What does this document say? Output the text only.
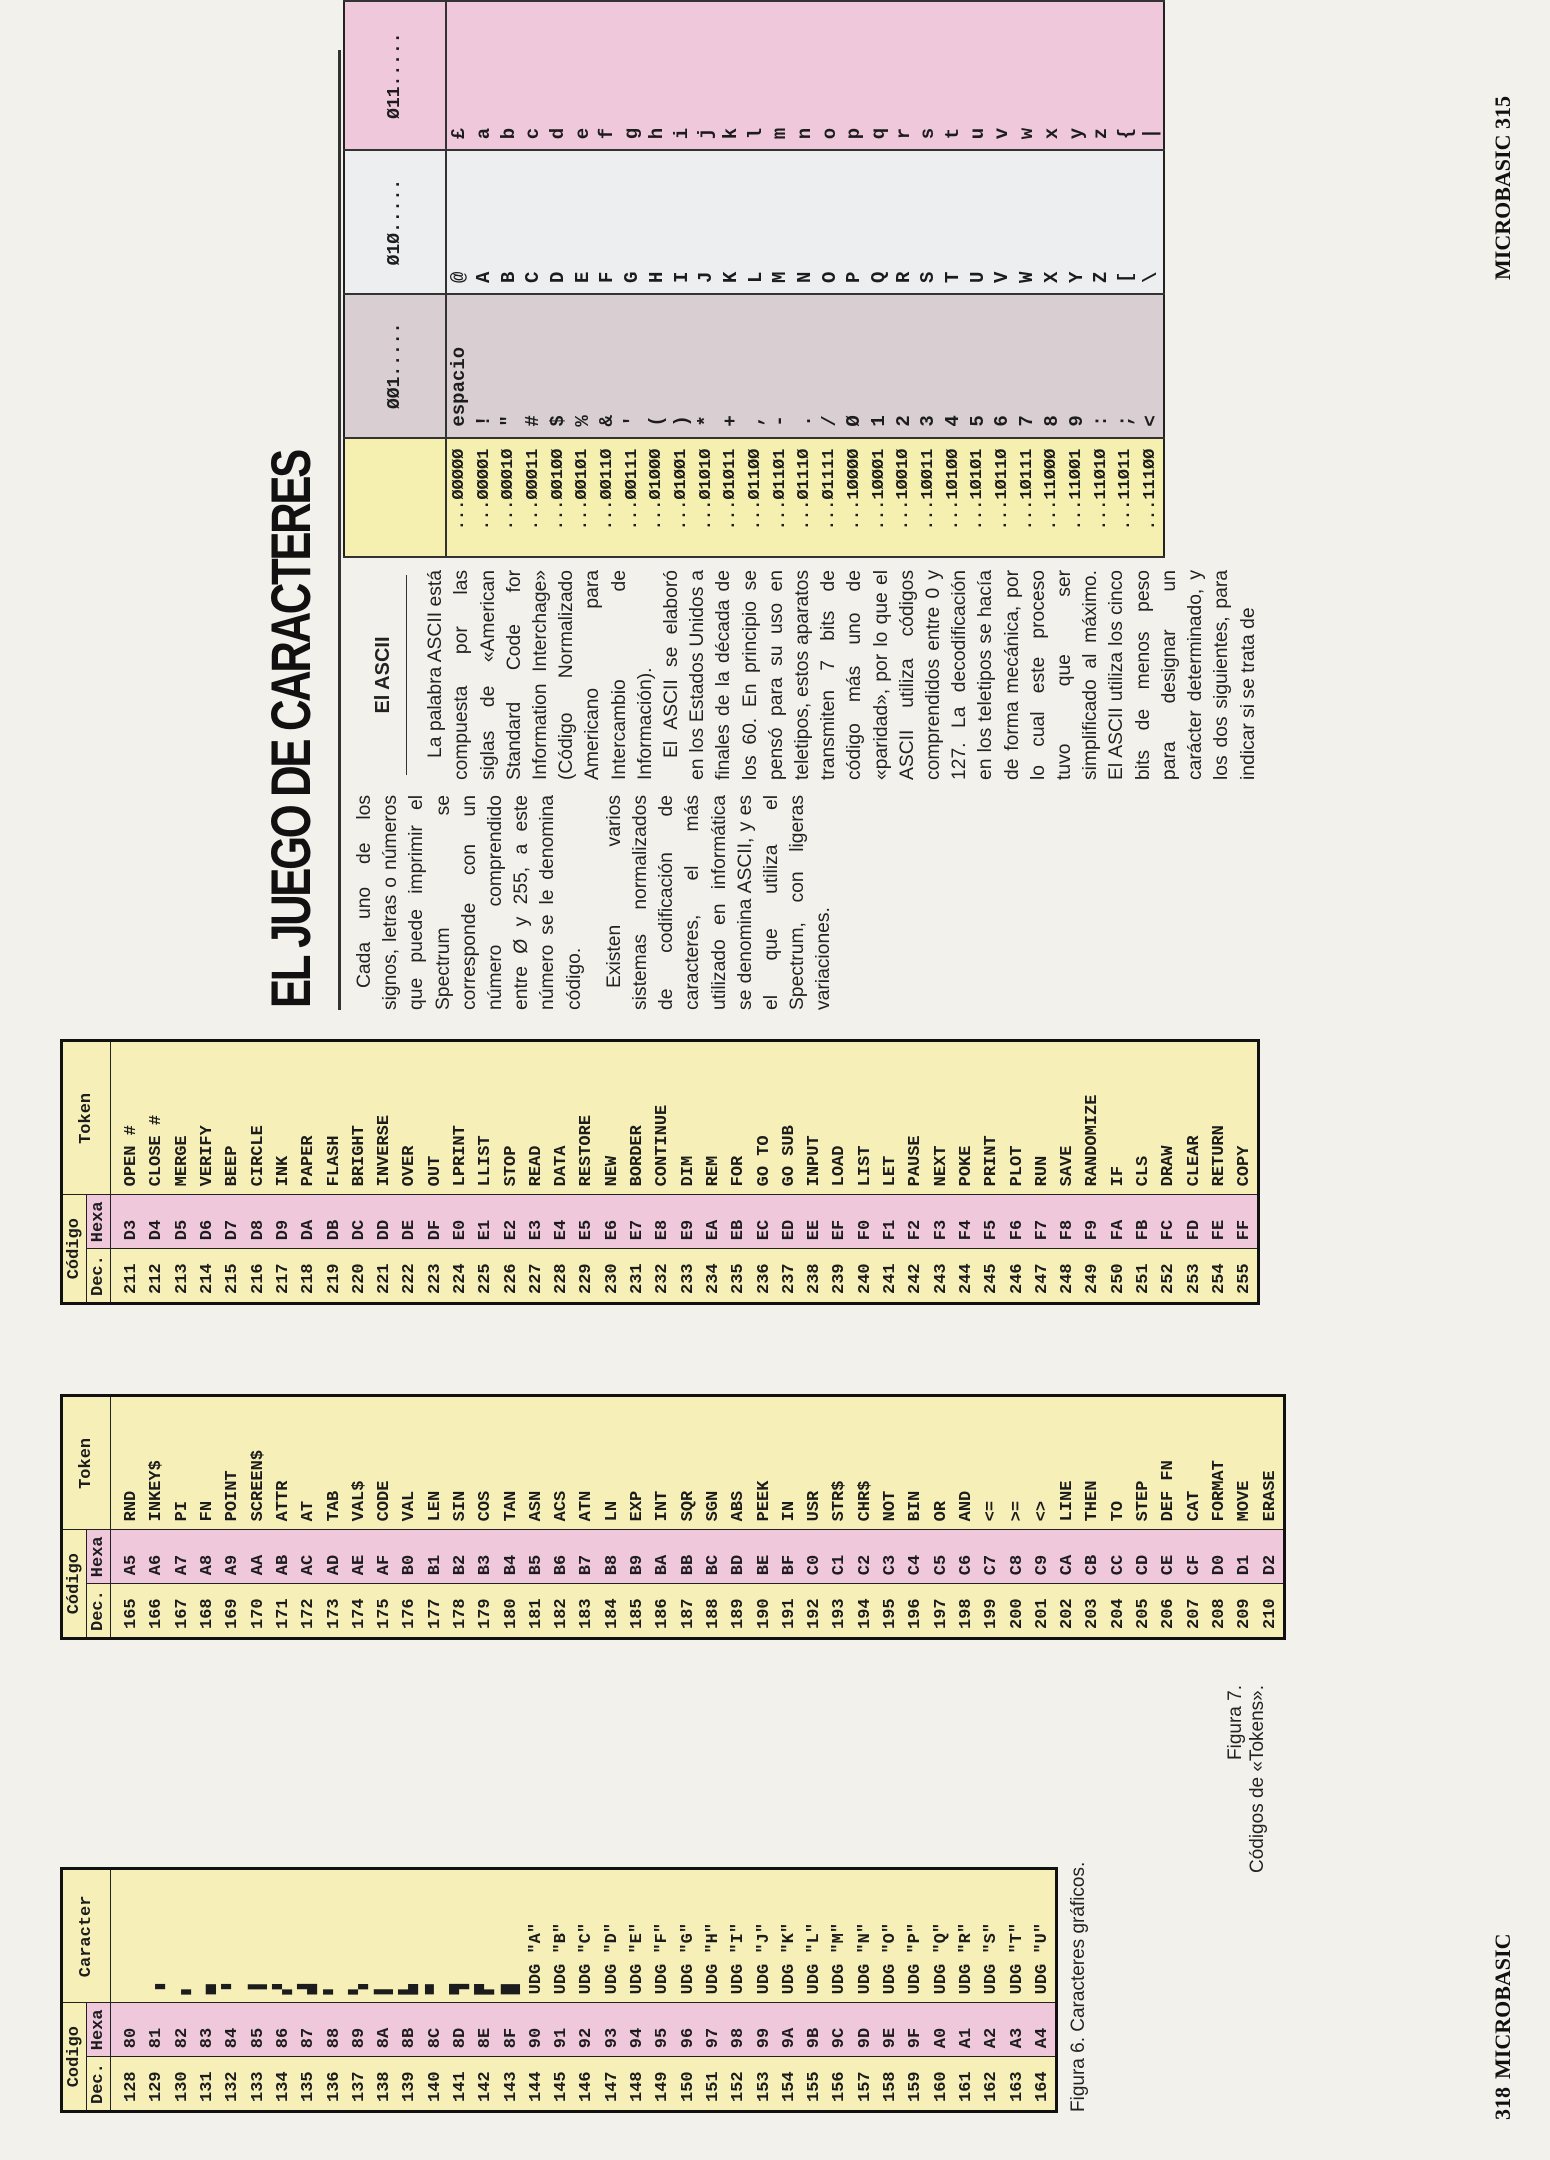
Codigo		Caracter
Dec.	Hexa	

128	80	
129	81	▗
130	82	▖
131	83	▄
132	84	▝
133	85	▐
134	86	▞
135	87	▟
136	88	▘
137	89	▚
138	8A	▌
139	8B	▙
140	8C	▀
141	8D	▜
142	8E	▛
143	8F	█
144	90	UDG "A"
145	91	UDG "B"
146	92	UDG "C"
147	93	UDG "D"
148	94	UDG "E"
149	95	UDG "F"
150	96	UDG "G"
151	97	UDG "H"
152	98	UDG "I"
153	99	UDG "J"
154	9A	UDG "K"
155	9B	UDG "L"
156	9C	UDG "M"
157	9D	UDG "N"
158	9E	UDG "O"
159	9F	UDG "P"
160	A0	UDG "Q"
161	A1	UDG "R"
162	A2	UDG "S"
163	A3	UDG "T"
164	A4	UDG "U" Figura 6. Caracteres gráficos.
Figura 7. Códigos de «Tokens».
Código		Token
Dec.	Hexa	

165	A5	RND
166	A6	INKEY$
167	A7	PI
168	A8	FN
169	A9	POINT
170	AA	SCREEN$
171	AB	ATTR
172	AC	AT
173	AD	TAB
174	AE	VAL$
175	AF	CODE
176	B0	VAL
177	B1	LEN
178	B2	SIN
179	B3	COS
180	B4	TAN
181	B5	ASN
182	B6	ACS
183	B7	ATN
184	B8	LN
185	B9	EXP
186	BA	INT
187	BB	SQR
188	BC	SGN
189	BD	ABS
190	BE	PEEK
191	BF	IN
192	C0	USR
193	C1	STR$
194	C2	CHR$
195	C3	NOT
196	C4	BIN
197	C5	OR
198	C6	AND
199	C7	<=
200	C8	>=
201	C9	<>
202	CA	LINE
203	CB	THEN
204	CC	TO
205	CD	STEP
206	CE	DEF FN
207	CF	CAT
208	D0	FORMAT
209	D1	MOVE
210	D2	ERASE
Código		Token
Dec.	Hexa	

211	D3	OPEN #
212	D4	CLOSE #
213	D5	MERGE
214	D6	VERIFY
215	D7	BEEP
216	D8	CIRCLE
217	D9	INK
218	DA	PAPER
219	DB	FLASH
220	DC	BRIGHT
221	DD	INVERSE
222	DE	OVER
223	DF	OUT
224	E0	LPRINT
225	E1	LLIST
226	E2	STOP
227	E3	READ
228	E4	DATA
229	E5	RESTORE
230	E6	NEW
231	E7	BORDER
232	E8	CONTINUE
233	E9	DIM
234	EA	REM
235	EB	FOR
236	EC	GO TO
237	ED	GO SUB
238	EE	INPUT
239	EF	LOAD
240	F0	LIST
241	F1	LET
242	F2	PAUSE
243	F3	NEXT
244	F4	POKE
245	F5	PRINT
246	F6	PLOT
247	F7	RUN
248	F8	SAVE
249	F9	RANDOMIZE
250	FA	IF
251	FB	CLS
252	FC	DRAW
253	FD	CLEAR
254	FE	RETURN
255	FF	COPY
318MICROBASIC
MICROBASIC 315
EL JUEGO DE CARACTERES Cada uno de los signos, letras o números que puede imprimir el Spectrum se corresponde con un número comprendido entre Ø y 255, a este número se le denomina código. Existen varios sistemas normalizados de codificación de caracteres, el más utilizado en informática se denomina ASCII, y es el que utiliza el Spectrum, con ligeras variaciones.

El ASCII La palabra ASCII está compuesta por las siglas de «American Standard Code for Information Interchage» (Código Normalizado Americano para Intercambio de Información). El ASCII se elaboró en los Estados Unidos a finales de la década de los 60. En principio se pensó para su uso en teletipos, estos aparatos transmiten 7 bits de código más uno de «paridad», por lo que el ASCII utiliza códigos comprendidos entre 0 y 127. La decodificación en los teletipos se hacía de forma mecánica, por lo cual este proceso tuvo que ser simplificado al máximo. El ASCII utiliza los cinco bits de menos peso para designar un carácter determinado, y los dos siguientes, para indicar si se trata de

	ØØ1.....	Ø1Ø.....	Ø11.....
...ØØØØØ	espacio	@	£
...ØØØØ1	!	A	a
...ØØØ1Ø	"	B	b
...ØØØ11	#	C	c
...ØØ1ØØ	$	D	d
...ØØ1Ø1	%	E	e
...ØØ11Ø	&	F	f
...ØØ111	'	G	g
...Ø1ØØØ	(	H	h
...Ø1ØØ1	)	I	i
...Ø1Ø1Ø	*	J	j
...Ø1Ø11	+	K	k
...Ø11ØØ	,	L	l
...Ø11Ø1	-	M	m
...Ø111Ø	.	N	n
...Ø1111	/	O	o
...1ØØØØ	Ø	P	p
...1ØØØ1	1	Q	q
...1ØØ1Ø	2	R	r
...1ØØ11	3	S	s
...1Ø1ØØ	4	T	t
...1Ø1Ø1	5	U	u
...1Ø11Ø	6	V	v
...1Ø111	7	W	w
...11ØØØ	8	X	x
...11ØØ1	9	Y	y
...11Ø1Ø	:	Z	z
...11Ø11	;	[	{
...111ØØ	<	\	|
